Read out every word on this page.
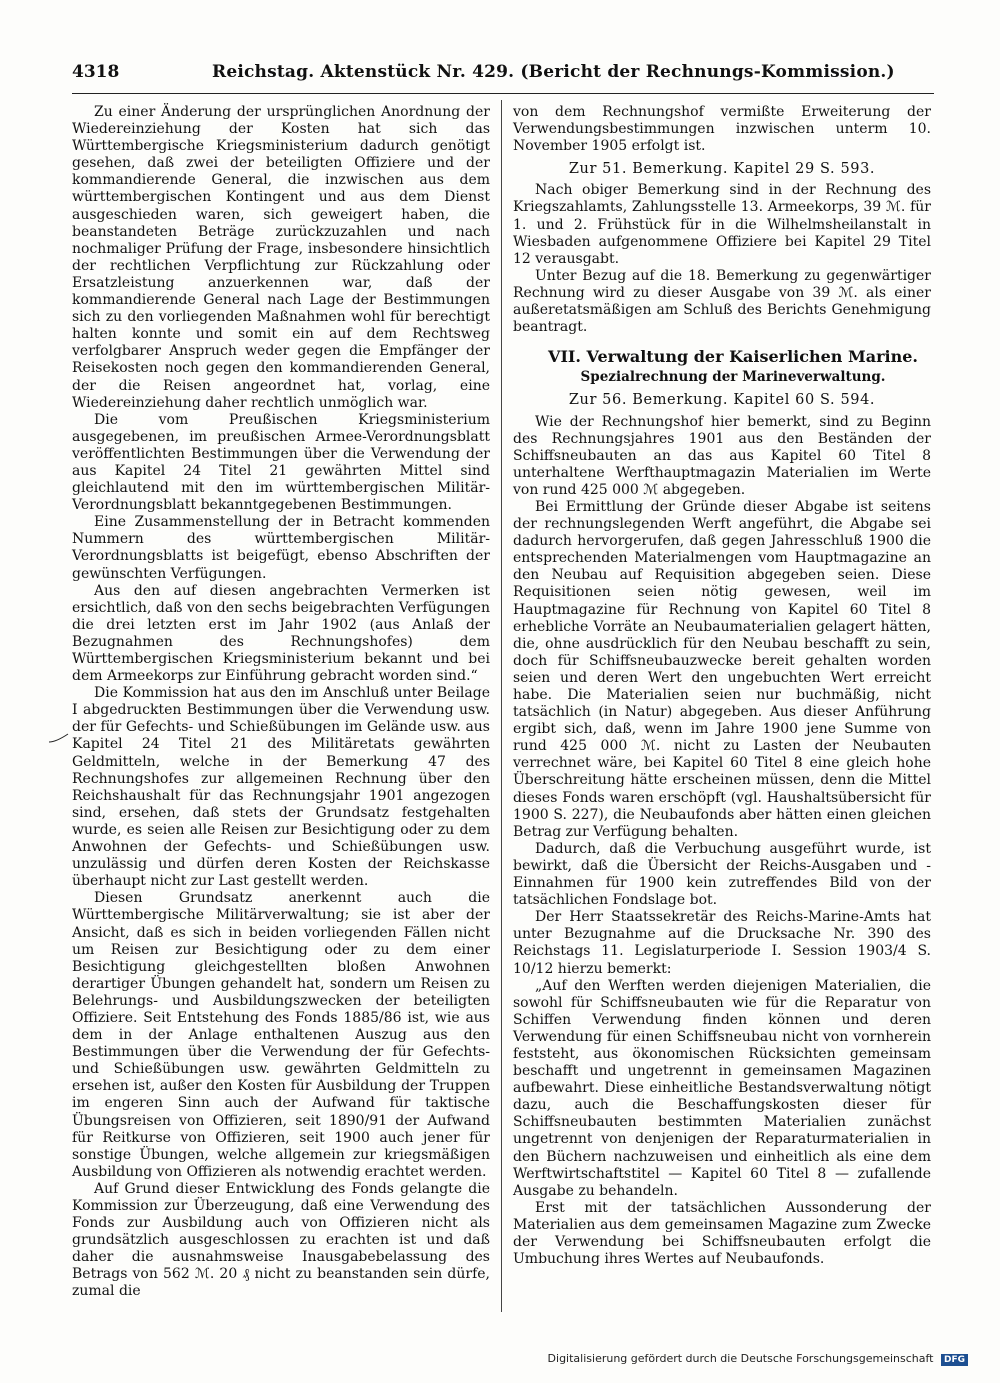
4318	Reichstag. Aktenstück Nr. 429. (Bericht der Rechnungs-Kommission.)

Zu einer Änderung der ursprünglichen Anordnung der Wiedereinziehung der Kosten hat sich das Württembergische Kriegsministerium dadurch genötigt gesehen, daß zwei der beteiligten Offiziere und der kommandierende General, die inzwischen aus dem württembergischen Kontingent und aus dem Dienst ausgeschieden waren, sich geweigert haben, die beanstandeten Beträge zurückzuzahlen und nach nochmaliger Prüfung der Frage, insbesondere hinsichtlich der rechtlichen Verpflichtung zur Rückzahlung oder Ersatzleistung anzuerkennen war, daß der kommandierende General nach Lage der Bestimmungen sich zu den vorliegenden Maßnahmen wohl für berechtigt halten konnte und somit ein auf dem Rechtsweg verfolgbarer Anspruch weder gegen die Empfänger der Reisekosten noch gegen den kommandierenden General, der die Reisen angeordnet hat, vorlag, eine Wiedereinziehung daher rechtlich unmöglich war.

Die vom Preußischen Kriegsministerium ausgegebenen, im preußischen Armee-Verordnungsblatt veröffentlichten Bestimmungen über die Verwendung der aus Kapitel 24 Titel 21 gewährten Mittel sind gleichlautend mit den im württembergischen Militär-Verordnungsblatt bekanntgegebenen Bestimmungen.

Eine Zusammenstellung der in Betracht kommenden Nummern des württembergischen Militär-Verordnungsblatts ist beigefügt, ebenso Abschriften der gewünschten Verfügungen.

Aus den auf diesen angebrachten Vermerken ist ersichtlich, daß von den sechs beigebrachten Verfügungen die drei letzten erst im Jahr 1902 (aus Anlaß der Bezugnahmen des Rechnungshofes) dem Württembergischen Kriegsministerium bekannt und bei dem Armeekorps zur Einführung gebracht worden sind.“

Die Kommission hat aus den im Anschluß unter Beilage I abgedruckten Bestimmungen über die Verwendung usw. der für Gefechts- und Schießübungen im Gelände usw. aus Kapitel 24 Titel 21 des Militäretats gewährten Geldmitteln, welche in der Bemerkung 47 des Rechnungshofes zur allgemeinen Rechnung über den Reichshaushalt für das Rechnungsjahr 1901 angezogen sind, ersehen, daß stets der Grundsatz festgehalten wurde, es seien alle Reisen zur Besichtigung oder zu dem Anwohnen der Gefechts- und Schießübungen usw. unzulässig und dürfen deren Kosten der Reichskasse überhaupt nicht zur Last gestellt werden.

Diesen Grundsatz anerkennt auch die Württembergische Militärverwaltung; sie ist aber der Ansicht, daß es sich in beiden vorliegenden Fällen nicht um Reisen zur Besichtigung oder zu dem einer Besichtigung gleichgestellten bloßen Anwohnen derartiger Übungen gehandelt hat, sondern um Reisen zu Belehrungs- und Ausbildungszwecken der beteiligten Offiziere. Seit Entstehung des Fonds 1885/86 ist, wie aus dem in der Anlage enthaltenen Auszug aus den Bestimmungen über die Verwendung der für Gefechts- und Schießübungen usw. gewährten Geldmitteln zu ersehen ist, außer den Kosten für Ausbildung der Truppen im engeren Sinn auch der Aufwand für taktische Übungsreisen von Offizieren, seit 1890/91 der Aufwand für Reitkurse von Offizieren, seit 1900 auch jener für sonstige Übungen, welche allgemein zur kriegsmäßigen Ausbildung von Offizieren als notwendig erachtet werden.

Auf Grund dieser Entwicklung des Fonds gelangte die Kommission zur Überzeugung, daß eine Verwendung des Fonds zur Ausbildung auch von Offizieren nicht als grundsätzlich ausgeschlossen zu erachten ist und daß daher die ausnahmsweise Inausgabebelassung des Betrags von 562 ℳ. 20 ₰ nicht zu beanstanden sein dürfe, zumal die

von dem Rechnungshof vermißte Erweiterung der Verwendungsbestimmungen inzwischen unterm 10. November 1905 erfolgt ist.

Zur 51. Bemerkung. Kapitel 29 S. 593.

Nach obiger Bemerkung sind in der Rechnung des Kriegszahlamts, Zahlungsstelle 13. Armeekorps, 39 ℳ. für 1. und 2. Frühstück für in die Wilhelmsheilanstalt in Wiesbaden aufgenommene Offiziere bei Kapitel 29 Titel 12 verausgabt.

Unter Bezug auf die 18. Bemerkung zu gegenwärtiger Rechnung wird zu dieser Ausgabe von 39 ℳ. als einer außeretatsmäßigen am Schluß des Berichts Genehmigung beantragt.

VII. Verwaltung der Kaiserlichen Marine.

Spezialrechnung der Marineverwaltung.

Zur 56. Bemerkung. Kapitel 60 S. 594.

Wie der Rechnungshof hier bemerkt, sind zu Beginn des Rechnungsjahres 1901 aus den Beständen der Schiffsneubauten an das aus Kapitel 60 Titel 8 unterhaltene Werfthauptmagazin Materialien im Werte von rund 425 000 ℳ abgegeben.

Bei Ermittlung der Gründe dieser Abgabe ist seitens der rechnungslegenden Werft angeführt, die Abgabe sei dadurch hervorgerufen, daß gegen Jahresschluß 1900 die entsprechenden Materialmengen vom Hauptmagazine an den Neubau auf Requisition abgegeben seien. Diese Requisitionen seien nötig gewesen, weil im Hauptmagazine für Rechnung von Kapitel 60 Titel 8 erhebliche Vorräte an Neubaumaterialien gelagert hätten, die, ohne ausdrücklich für den Neubau beschafft zu sein, doch für Schiffsneubauzwecke bereit gehalten worden seien und deren Wert den ungebuchten Wert erreicht habe. Die Materialien seien nur buchmäßig, nicht tatsächlich (in Natur) abgegeben. Aus dieser Anführung ergibt sich, daß, wenn im Jahre 1900 jene Summe von rund 425 000 ℳ. nicht zu Lasten der Neubauten verrechnet wäre, bei Kapitel 60 Titel 8 eine gleich hohe Überschreitung hätte erscheinen müssen, denn die Mittel dieses Fonds waren erschöpft (vgl. Haushaltsübersicht für 1900 S. 227), die Neubaufonds aber hätten einen gleichen Betrag zur Verfügung behalten.

Dadurch, daß die Verbuchung ausgeführt wurde, ist bewirkt, daß die Übersicht der Reichs-Ausgaben und -Einnahmen für 1900 kein zutreffendes Bild von der tatsächlichen Fondslage bot.

Der Herr Staatssekretär des Reichs-Marine-Amts hat unter Bezugnahme auf die Drucksache Nr. 390 des Reichstags 11. Legislaturperiode I. Session 1903/4 S. 10/12 hierzu bemerkt:

„Auf den Werften werden diejenigen Materialien, die sowohl für Schiffsneubauten wie für die Reparatur von Schiffen Verwendung finden können und deren Verwendung für einen Schiffsneubau nicht von vornherein feststeht, aus ökonomischen Rücksichten gemeinsam beschafft und ungetrennt in gemeinsamen Magazinen aufbewahrt. Diese einheitliche Bestandsverwaltung nötigt dazu, auch die Beschaffungskosten dieser für Schiffsneubauten bestimmten Materialien zunächst ungetrennt von denjenigen der Reparaturmaterialien in den Büchern nachzuweisen und einheitlich als eine dem Werftwirtschaftstitel — Kapitel 60 Titel 8 — zufallende Ausgabe zu behandeln.

Erst mit der tatsächlichen Aussonderung der Materialien aus dem gemeinsamen Magazine zum Zwecke der Verwendung bei Schiffsneubauten erfolgt die Umbuchung ihres Wertes auf Neubaufonds.

Digitalisierung gefördert durch die Deutsche Forschungsgemeinschaft DFG
